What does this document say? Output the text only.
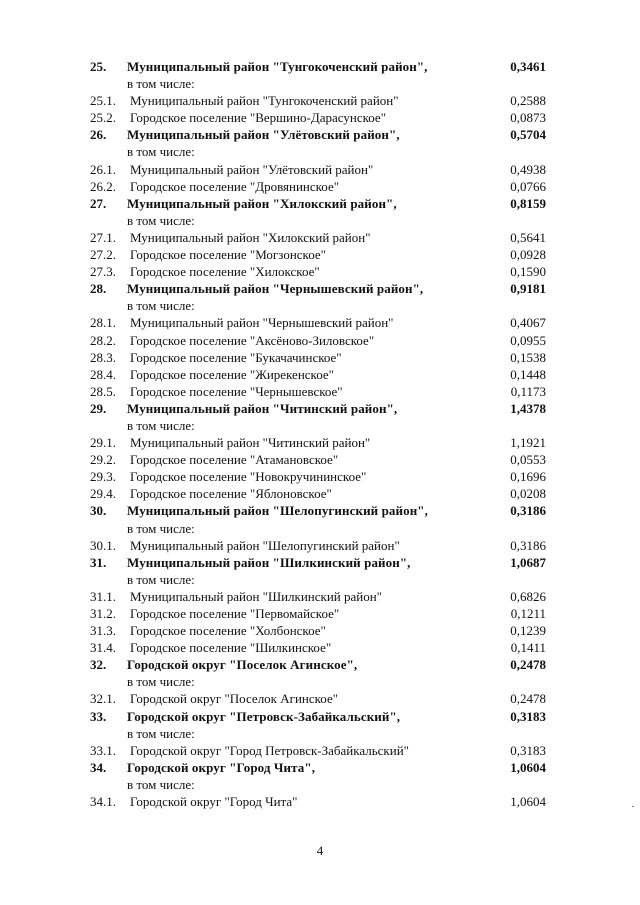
25. Муниципальный район "Тунгокоченский район",	0,3461
в том числе:
25.1. Муниципальный район "Тунгокоченский район"	0,2588
25.2. Городское поселение "Вершино-Дарасунское"	0,0873
26. Муниципальный район "Улётовский район",	0,5704
в том числе:
26.1. Муниципальный район "Улётовский район"	0,4938
26.2. Городское поселение "Дровянинское"	0,0766
27. Муниципальный район "Хилокский район",	0,8159
в том числе:
27.1. Муниципальный район "Хилокский район"	0,5641
27.2. Городское поселение "Могзонское"	0,0928
27.3. Городское поселение "Хилокское"	0,1590
28. Муниципальный район "Чернышевский район",	0,9181
в том числе:
28.1. Муниципальный район "Чернышевский район"	0,4067
28.2. Городское поселение "Аксёново-Зиловское"	0,0955
28.3. Городское поселение "Букачачинское"	0,1538
28.4. Городское поселение "Жирекенское"	0,1448
28.5. Городское поселение "Чернышевское"	0,1173
29. Муниципальный район "Читинский район",	1,4378
в том числе:
29.1. Муниципальный район "Читинский район"	1,1921
29.2. Городское поселение "Атамановское"	0,0553
29.3. Городское поселение "Новокручининское"	0,1696
29.4. Городское поселение "Яблоновское"	0,0208
30. Муниципальный район "Шелопугинский район",	0,3186
в том числе:
30.1. Муниципальный район "Шелопугинский район"	0,3186
31. Муниципальный район "Шилкинский район",	1,0687
в том числе:
31.1. Муниципальный район "Шилкинский район"	0,6826
31.2. Городское поселение "Первомайское"	0,1211
31.3. Городское поселение "Холбонское"	0,1239
31.4. Городское поселение "Шилкинское"	0,1411
32. Городской округ "Поселок Агинское",	0,2478
в том числе:
32.1. Городской округ "Поселок Агинское"	0,2478
33. Городской округ "Петровск-Забайкальский",	0,3183
в том числе:
33.1. Городской округ "Город Петровск-Забайкальский"	0,3183
34. Городской округ "Город Чита",	1,0604
в том числе:
34.1. Городской округ "Город Чита"	1,0604
4
